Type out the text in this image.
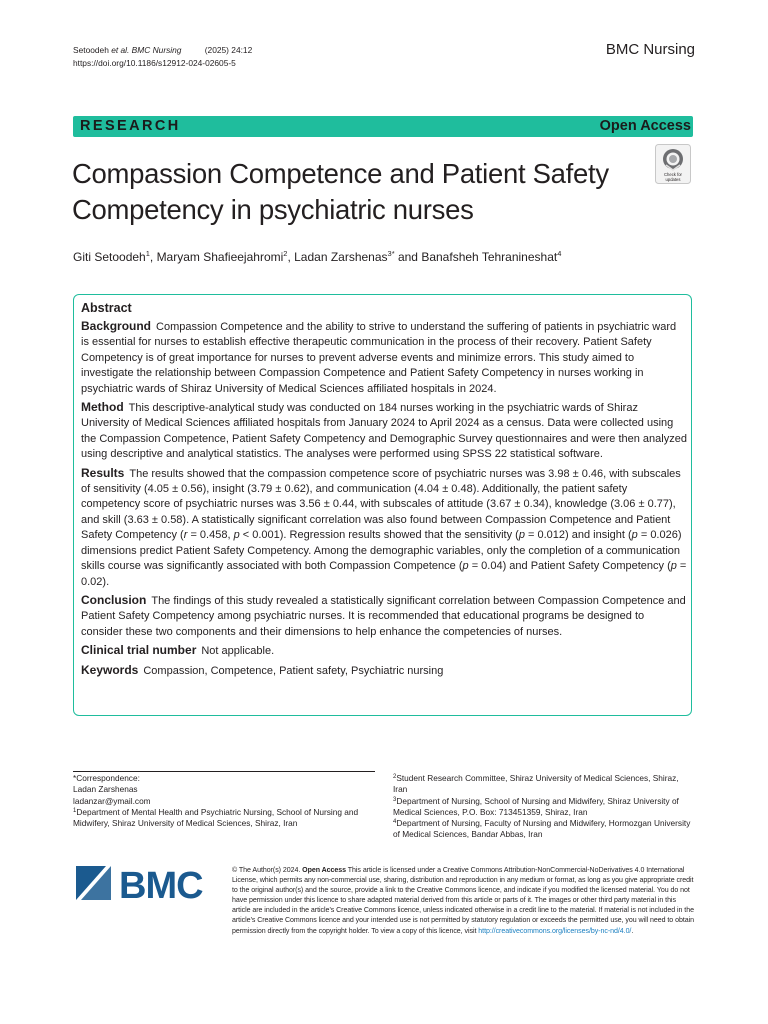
Setoodeh et al. BMC Nursing	(2025) 24:12
https://doi.org/10.1186/s12912-024-02605-5
BMC Nursing
RESEARCH	Open Access
Compassion Competence and Patient Safety Competency in psychiatric nurses
Check for
updates
Giti Setoodeh$^1$, Maryam Shafieejahromi$^2$, Ladan Zarshenas$^{3*}$ and Banafsheh Tehranineshat$^4$
Abstract

Background Compassion Competence and the ability to strive to understand the suffering of patients in psychiatric ward is essential for nurses to establish effective therapeutic communication in the process of their recovery. Patient Safety Competency is of great importance for nurses to prevent adverse events and minimize errors. This study aimed to investigate the relationship between Compassion Competence and Patient Safety Competency in nurses working in psychiatric wards of Shiraz University of Medical Sciences affiliated hospitals in 2024.

Method This descriptive-analytical study was conducted on 184 nurses working in the psychiatric wards of Shiraz University of Medical Sciences affiliated hospitals from January 2024 to April 2024 as a census. Data were collected using the Compassion Competence, Patient Safety Competency and Demographic Survey questionnaires and were then analyzed using descriptive and analytical statistics. The analyses were performed using SPSS 22 statistical software.

Results The results showed that the compassion competence score of psychiatric nurses was 3.98 ± 0.46, with subscales of sensitivity (4.05 ± 0.56), insight (3.79 ± 0.62), and communication (4.04 ± 0.48). Additionally, the patient safety competency score of psychiatric nurses was 3.56 ± 0.44, with subscales of attitude (3.67 ± 0.34), knowledge (3.06 ± 0.77), and skill (3.63 ± 0.58). A statistically significant correlation was also found between Compassion Competence and Patient Safety Competency (r = 0.458, p < 0.001). Regression results showed that the sensitivity (p = 0.012) and insight (p = 0.026) dimensions predict Patient Safety Competency. Among the demographic variables, only the completion of a communication skills course was significantly associated with both Compassion Competence (p = 0.04) and Patient Safety Competency (p = 0.02).

Conclusion The findings of this study revealed a statistically significant correlation between Compassion Competence and Patient Safety Competency among psychiatric nurses. It is recommended that educational programs be designed to consider these two components and their dimensions to help enhance the competencies of nurses.

Clinical trial number Not applicable.

Keywords Compassion, Competence, Patient safety, Psychiatric nursing

*Correspondence:
Ladan Zarshenas
ladanzar@ymail.com
$^1$Department of Mental Health and Psychiatric Nursing, School of Nursing and Midwifery, Shiraz University of Medical Sciences, Shiraz, Iran
$^2$Student Research Committee, Shiraz University of Medical Sciences, Shiraz, Iran
$^3$Department of Nursing, School of Nursing and Midwifery, Shiraz University of Medical Sciences, P.O. Box: 713451359, Shiraz, Iran
$^4$Department of Nursing, Faculty of Nursing and Midwifery, Hormozgan University of Medical Sciences, Bandar Abbas, Iran
BMC	© The Author(s) 2024. Open Access This article is licensed under a Creative Commons Attribution-NonCommercial-NoDerivatives 4.0 International License, which permits any non-commercial use, sharing, distribution and reproduction in any medium or format, as long as you give appropriate credit to the original author(s) and the source, provide a link to the Creative Commons licence, and indicate if you modified the licensed material. You do not have permission under this licence to share adapted material derived from this article or parts of it. The images or other third party material in this article are included in the article’s Creative Commons licence, unless indicated otherwise in a credit line to the material. If material is not included in the article’s Creative Commons licence and your intended use is not permitted by statutory regulation or exceeds the permitted use, you will need to obtain permission directly from the copyright holder. To view a copy of this licence, visit http://creativecommons.org/licenses/by-nc-nd/4.0/.
